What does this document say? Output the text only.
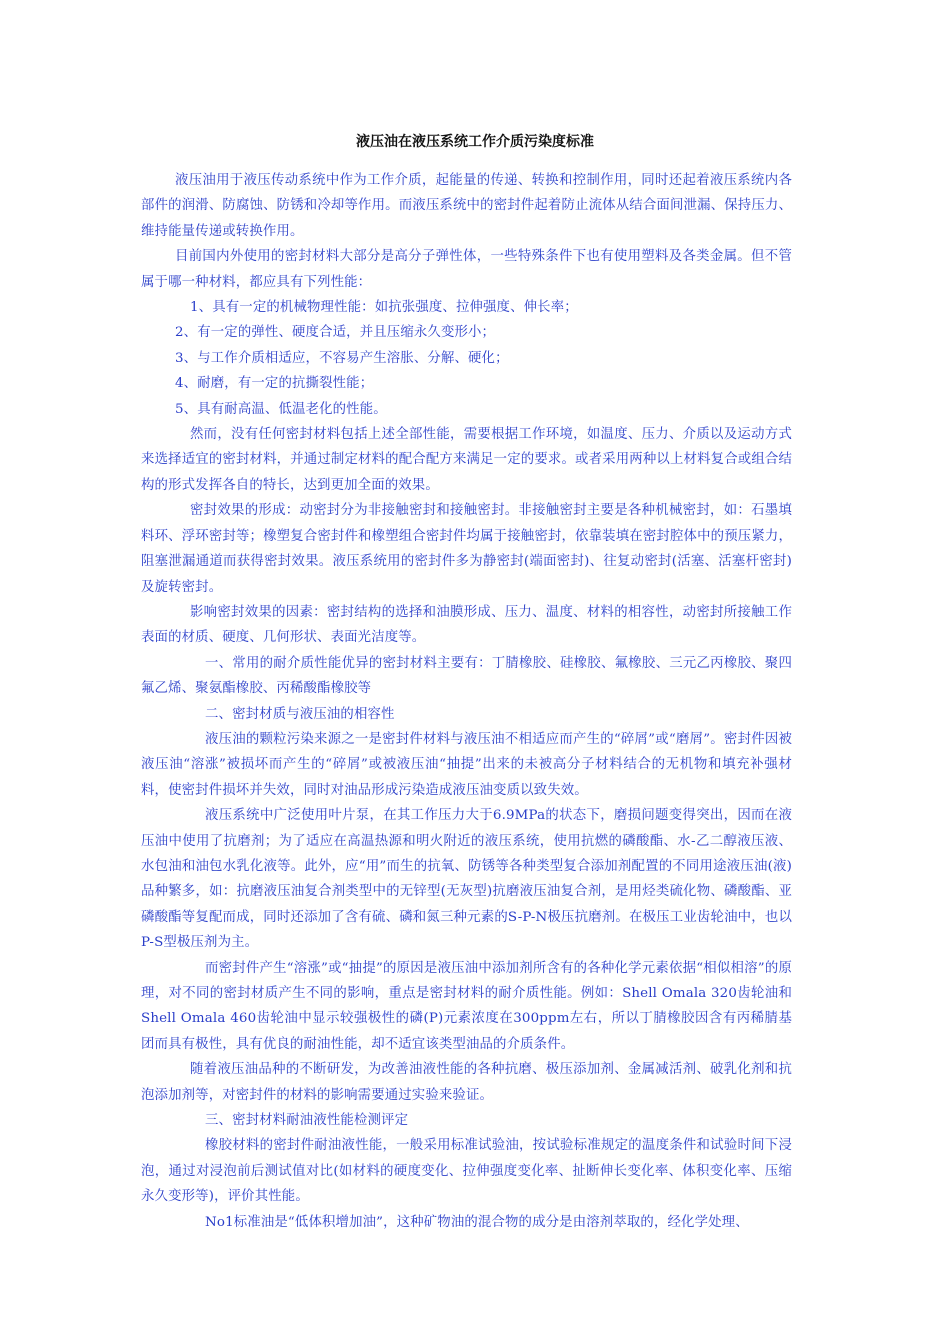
液压油在液压系统工作介质污染度标准

液压油用于液压传动系统中作为工作介质，起能量的传递、转换和控制作用，同时还起着液压系统内各部件的润滑、防腐蚀、防锈和冷却等作用。而液压系统中的密封件起着防止流体从结合面间泄漏、保持压力、维持能量传递或转换作用。

目前国内外使用的密封材料大部分是高分子弹性体，一些特殊条件下也有使用塑料及各类金属。但不管属于哪一种材料，都应具有下列性能：

1、具有一定的机械物理性能：如抗张强度、拉伸强度、伸长率；

2、有一定的弹性、硬度合适，并且压缩永久变形小；

3、与工作介质相适应，不容易产生溶胀、分解、硬化；

4、耐磨，有一定的抗撕裂性能；

5、具有耐高温、低温老化的性能。

然而，没有任何密封材料包括上述全部性能，需要根据工作环境，如温度、压力、介质以及运动方式来选择适宜的密封材料，并通过制定材料的配合配方来满足一定的要求。或者采用两种以上材料复合或组合结构的形式发挥各自的特长，达到更加全面的效果。

密封效果的形成：动密封分为非接触密封和接触密封。非接触密封主要是各种机械密封，如：石墨填料环、浮环密封等；橡塑复合密封件和橡塑组合密封件均属于接触密封，依靠装填在密封腔体中的预压紧力，阻塞泄漏通道而获得密封效果。液压系统用的密封件多为静密封(端面密封)、往复动密封(活塞、活塞杆密封)及旋转密封。

影响密封效果的因素：密封结构的选择和油膜形成、压力、温度、材料的相容性，动密封所接触工作表面的材质、硬度、几何形状、表面光洁度等。

一、常用的耐介质性能优异的密封材料主要有：丁腈橡胶、硅橡胶、氟橡胶、三元乙丙橡胶、聚四氟乙烯、聚氨酯橡胶、丙稀酸酯橡胶等

二、密封材质与液压油的相容性

液压油的颗粒污染来源之一是密封件材料与液压油不相适应而产生的“碎屑”或“磨屑”。密封件因被液压油“溶涨”被损坏而产生的“碎屑”或被液压油“抽提”出来的未被高分子材料结合的无机物和填充补强材料，使密封件损坏并失效，同时对油品形成污染造成液压油变质以致失效。

液压系统中广泛使用叶片泵，在其工作压力大于6.9MPa的状态下，磨损问题变得突出，因而在液压油中使用了抗磨剂；为了适应在高温热源和明火附近的液压系统，使用抗燃的磷酸酯、水-乙二醇液压液、水包油和油包水乳化液等。此外，应“用”而生的抗氧、防锈等各种类型复合添加剂配置的不同用途液压油(液)品种繁多，如：抗磨液压油复合剂类型中的无锌型(无灰型)抗磨液压油复合剂，是用烃类硫化物、磷酸酯、亚磷酸酯等复配而成，同时还添加了含有硫、磷和氮三种元素的S-P-N极压抗磨剂。在极压工业齿轮油中，也以P-S型极压剂为主。

而密封件产生“溶涨”或“抽提”的原因是液压油中添加剂所含有的各种化学元素依据“相似相溶”的原理，对不同的密封材质产生不同的影响，重点是密封材料的耐介质性能。例如：Shell Omala 320齿轮油和Shell Omala 460齿轮油中显示较强极性的磷(P)元素浓度在300ppm左右，所以丁腈橡胶因含有丙稀腈基团而具有极性，具有优良的耐油性能，却不适宜该类型油品的介质条件。

随着液压油品种的不断研发，为改善油液性能的各种抗磨、极压添加剂、金属减活剂、破乳化剂和抗泡添加剂等，对密封件的材料的影响需要通过实验来验证。

三、密封材料耐油液性能检测评定

橡胶材料的密封件耐油液性能，一般采用标准试验油，按试验标准规定的温度条件和试验时间下浸泡，通过对浸泡前后测试值对比(如材料的硬度变化、拉伸强度变化率、扯断伸长变化率、体积变化率、压缩永久变形等)，评价其性能。

No1标准油是“低体积增加油”，这种矿物油的混合物的成分是由溶剂萃取的，经化学处理、
